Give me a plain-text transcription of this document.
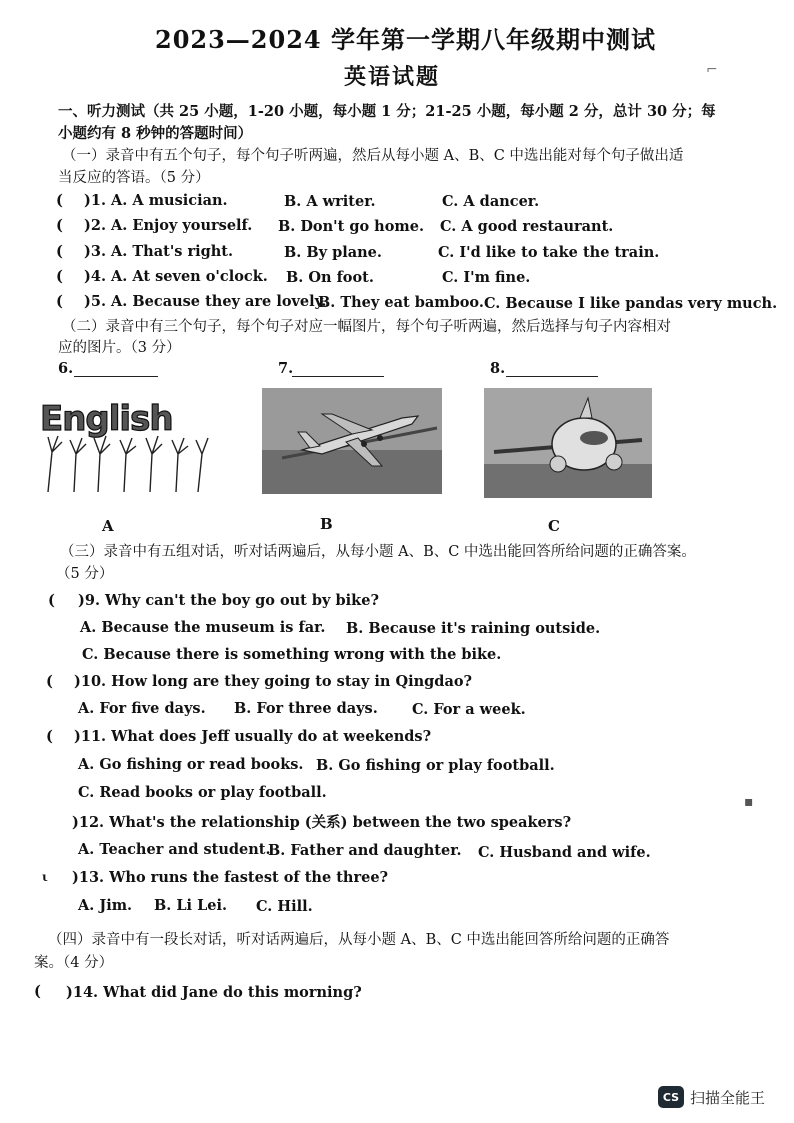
2023—2024 学年第一学期八年级期中测试
英语试题	⌐
一、听力测试（共 25 小题，1-20 小题，每小题 1 分；21-25 小题，每小题 2 分，总计 30 分；每
小题约有 8 秒钟的答题时间）
（一）录音中有五个句子，每个句子听两遍，然后从每小题 A、B、C 中选出能对每个句子做出适
当反应的答语。（5 分）
( )1. A. A musician.	B. A writer.	C. A dancer.
( )2. A. Enjoy yourself. B. Don't go home. C. A good restaurant.
( )3. A. That's right.	B. By plane.	C. I'd like to take the train.
( )4. A. At seven o'clock. B. On foot.	C. I'm fine.
( )5. A. Because they are lovely.
B. They eat bamboo. C. Because I like pandas very much.
（二）录音中有三个句子，每个句子对应一幅图片，每个句子听两遍，然后选择与句子内容相对
应的图片。（3 分）
6.	7.	8.
English
A	B	C
（三）录音中有五组对话，听对话两遍后，从每小题 A、B、C 中选出能回答所给问题的正确答案。
（5 分）
( )9. Why can't the boy go out by bike?
A. Because the museum is far. B. Because it's raining outside.
C. Because there is something wrong with the bike.
( )10. How long are they going to stay in Qingdao?
A. For five days. B. For three days. C. For a week.
( )11. What does Jeff usually do at weekends?
A. Go fishing or read books. B. Go fishing or play football.
C. Read books or play football.
▪
)12. What's the relationship (关系) between the two speakers?
A. Teacher and student.
B. Father and daughter. C. Husband and wife.
ι )13. Who runs the fastest of the three?
A. Jim. B. Li Lei. C. Hill.
（四）录音中有一段长对话，听对话两遍后，从每小题 A、B、C 中选出能回答所给问题的正确答
案。（4 分）
( )14. What did Jane do this morning?
CS 扫描全能王
